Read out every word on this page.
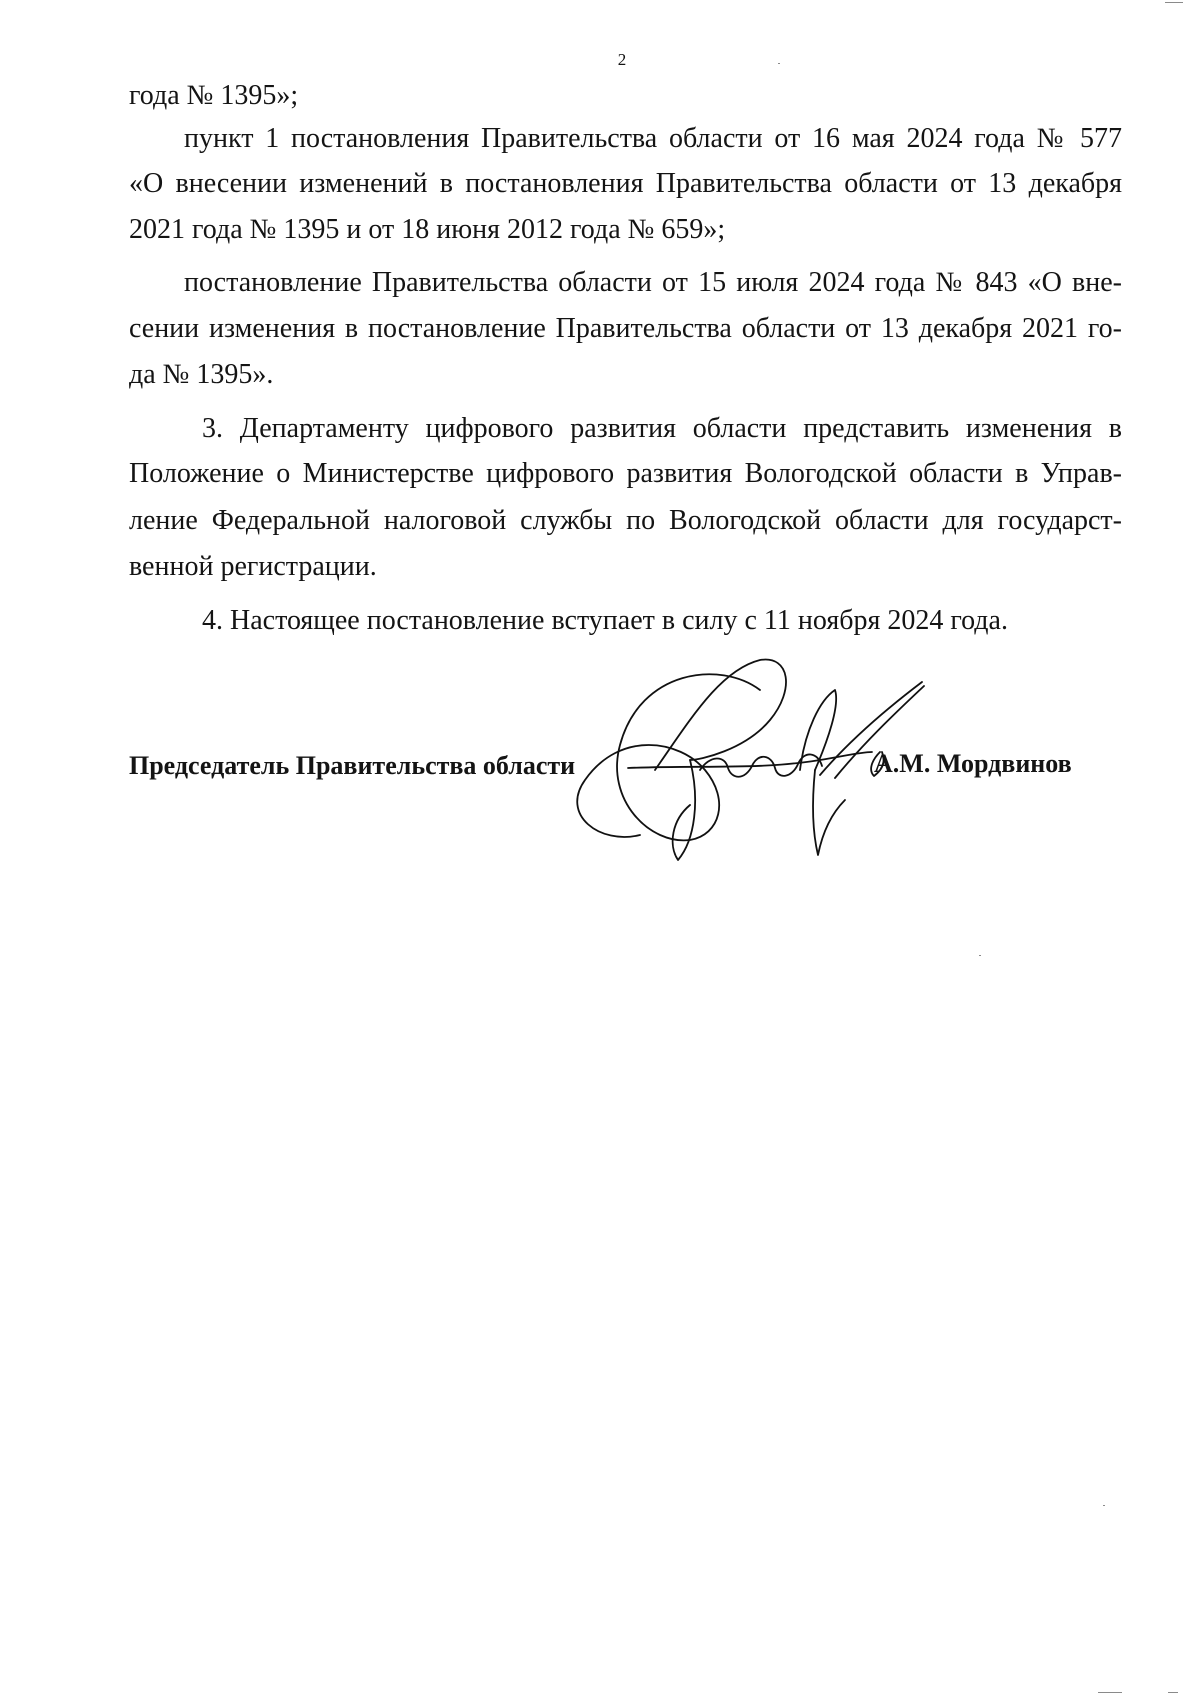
2
года № 1395»;
пункт 1 постановления Правительства области от 16 мая 2024 года № 577
«О внесении изменений в постановления Правительства области от 13 декабря
2021 года № 1395 и от 18 июня 2012 года № 659»;
постановление Правительства области от 15 июля 2024 года № 843 «О вне-
сении изменения в постановление Правительства области от 13 декабря 2021 го-
да № 1395».
3. Департаменту цифрового развития области представить изменения в
Положение о Министерстве цифрового развития Вологодской области в Управ-
ление Федеральной налоговой службы по Вологодской области для государст-
венной регистрации.
4. Настоящее постановление вступает в силу с 11 ноября 2024 года.
Председатель Правительства области	А.М. Мордвинов
